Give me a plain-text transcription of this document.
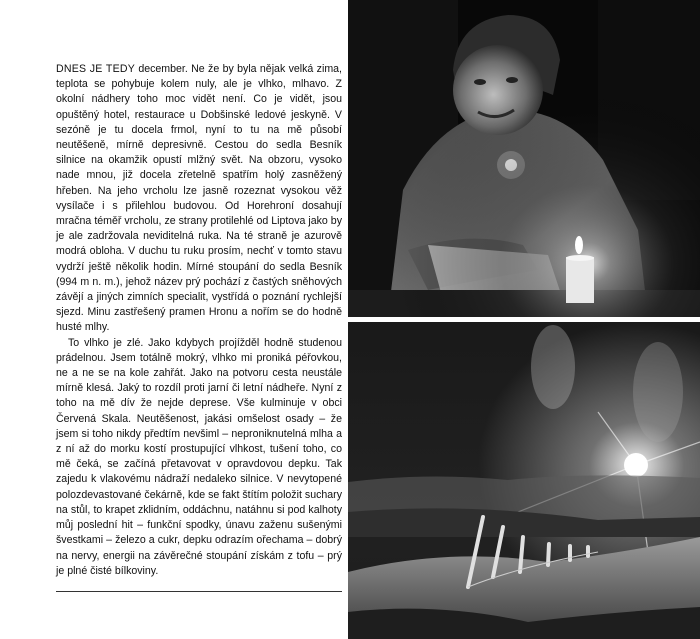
DNES JE TEDY december. Ne že by byla nějak velká zima, teplota se pohybuje kolem nuly, ale je vlhko, mlhavo. Z okolní nádhery toho moc vidět není. Co je vidět, jsou opuštěný hotel, restaurace u Dobšinské ledové jeskyně. V sezóně je tu docela frmol, nyní to tu na mě působí neutěšeně, mírně depresivně. Cestou do sedla Besník silnice na okamžik opustí mlžný svět. Na obzoru, vysoko nade mnou, již docela zřetelně spatřím holý zasněžený hřeben. Na jeho vrcholu lze jasně rozeznat vysokou věž vysílače i s přilehlou budovou. Od Horehroní dosahují mračna téměř vrcholu, ze strany protilehlé od Liptova jako by je ale zadržovala neviditelná ruka. Na té straně je azurově modrá obloha. V duchu tu ruku prosím, nechť v tomto stavu vydrží ještě několik hodin. Mírné stoupání do sedla Besník (994 m n. m.), jehož název prý pochází z častých sněhových závějí a jiných zimních specialit, vystřídá o poznání rychlejší sjezd. Minu zastřešený pramen Hronu a nořím se do hodně husté mlhy.

To vlhko je zlé. Jako kdybych projížděl hodně studenou prádelnou. Jsem totálně mokrý, vlhko mi proniká péřovkou, ne a ne se na kole zahřát. Jako na potvoru cesta neustále mírně klesá. Jaký to rozdíl proti jarní či letní nádheře. Nyní z toho na mě dív že nejde deprese. Vše kulminuje v obci Červená Skala. Neutěšenost, jakási omšelost osady – že jsem si toho nikdy předtím nevšiml – neproniknutelná mlha a z ní až do morku kostí prostupující vlhkost, tušení toho, co mě čeká, se začíná přetavovat v opravdovou depku. Tak zajedu k vlakovému nádraží nedaleko silnice. V nevytopené polozdevastované čekárně, kde se fakt štítím položit suchary na stůl, to krapet zklidním, oddáchnu, natáhnu si pod kalhoty můj poslední hit – funkční spodky, únavu zaženu sušenými švestkami – železo a cukr, depku odrazím ořechama – dobrý na nervy, energii na závěrečné stoupání získám z tofu – prý je plné čisté bílkoviny.
